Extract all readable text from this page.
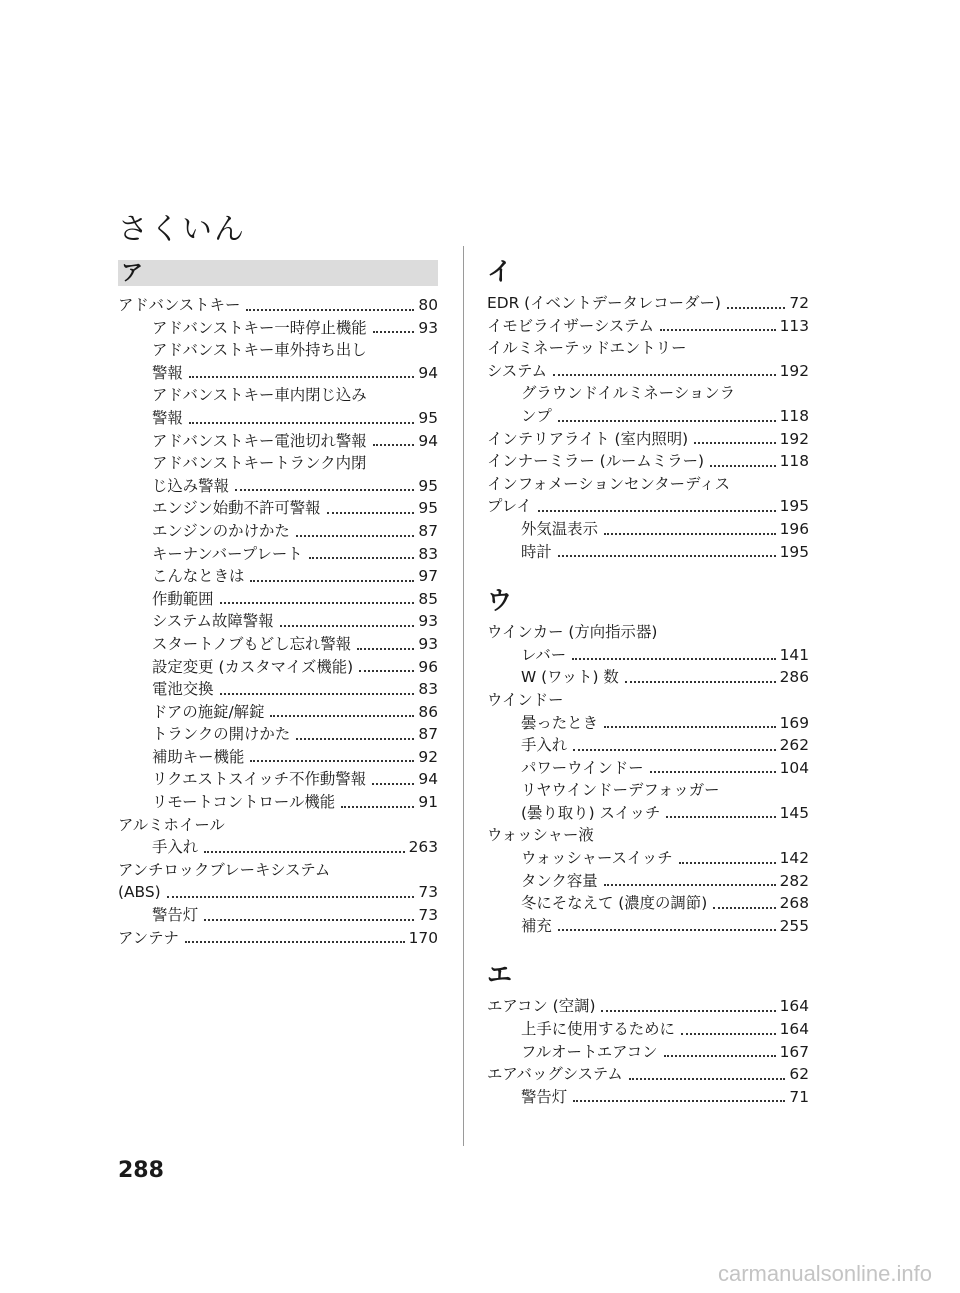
さくいん
ア
アドバンストキー	80
アドバンストキー一時停止機能	93
アドバンストキー車外持ち出し
警報	94
アドバンストキー車内閉じ込み
警報	95
アドバンストキー電池切れ警報	94
アドバンストキートランク内閉
じ込み警報	95
エンジン始動不許可警報	95
エンジンのかけかた	87
キーナンバープレート	83
こんなときは	97
作動範囲	85
システム故障警報	93
スタートノブもどし忘れ警報	93
設定変更 (カスタマイズ機能)	96
電池交換	83
ドアの施錠/解錠	86
トランクの開けかた	87
補助キー機能	92
リクエストスイッチ不作動警報	94
リモートコントロール機能	91
アルミホイール
手入れ	263
アンチロックブレーキシステム
(ABS)	73
警告灯	73
アンテナ	170
イ
EDR (イベントデータレコーダー)	72
イモビライザーシステム	113
イルミネーテッドエントリー
システム	192
グラウンドイルミネーションラ
ンプ	118
インテリアライト (室内照明)	192
インナーミラー (ルームミラー)	118
インフォメーションセンターディス
プレイ	195
外気温表示	196
時計	195
ウ
ウインカー (方向指示器)
レバー	141
W (ワット) 数	286
ウインドー
曇ったとき	169
手入れ	262
パワーウインドー	104
リヤウインドーデフォッガー
(曇り取り) スイッチ	145
ウォッシャー液
ウォッシャースイッチ	142
タンク容量	282
冬にそなえて (濃度の調節)	268
補充	255
エ
エアコン (空調)	164
上手に使用するために	164
フルオートエアコン	167
エアバッグシステム	62
警告灯	71
288
carmanualsonline.info
